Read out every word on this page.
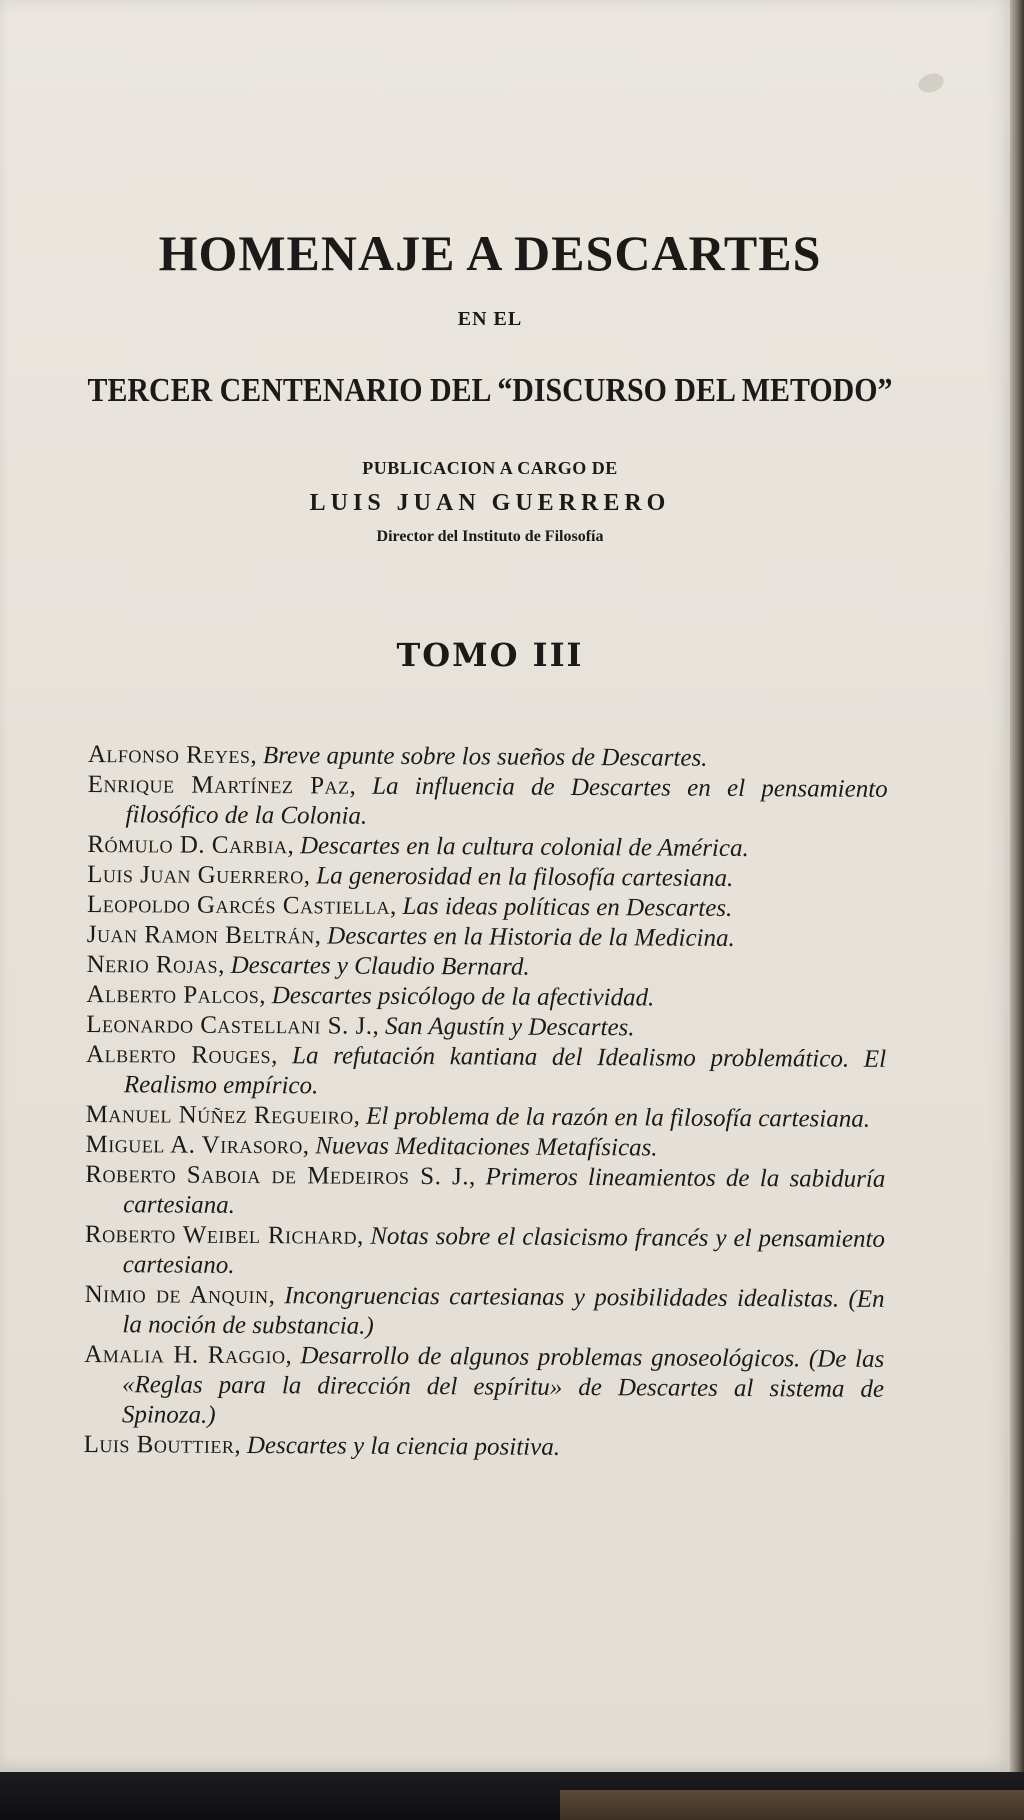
HOMENAJE A DESCARTES
EN EL
TERCER CENTENARIO DEL “DISCURSO DEL METODO”
PUBLICACION A CARGO DE
LUIS JUAN GUERRERO
Director del Instituto de Filosofía
TOMO III
Alfonso Reyes, Breve apunte sobre los sueños de Descartes.
Enrique Martínez Paz, La influencia de Descartes en el pensamiento filosófico de la Colonia.
Rómulo D. Carbia, Descartes en la cultura colonial de América.
Luis Juan Guerrero, La generosidad en la filosofía cartesiana.
Leopoldo Garcés Castiella, Las ideas políticas en Descartes.
Juan Ramon Beltrán, Descartes en la Historia de la Medicina.
Nerio Rojas, Descartes y Claudio Bernard.
Alberto Palcos, Descartes psicólogo de la afectividad.
Leonardo Castellani S. J., San Agustín y Descartes.
Alberto Rouges, La refutación kantiana del Idealismo problemático. El Realismo empírico.
Manuel Núñez Regueiro, El problema de la razón en la filosofía cartesiana.
Miguel A. Virasoro, Nuevas Meditaciones Metafísicas.
Roberto Saboia de Medeiros S. J., Primeros lineamientos de la sabiduría cartesiana.
Roberto Weibel Richard, Notas sobre el clasicismo francés y el pensamiento cartesiano.
Nimio de Anquin, Incongruencias cartesianas y posibilidades idealistas. (En la noción de substancia.)
Amalia H. Raggio, Desarrollo de algunos problemas gnoseológicos. (De las «Reglas para la dirección del espíritu» de Descartes al sistema de Spinoza.)
Luis Bouttier, Descartes y la ciencia positiva.
